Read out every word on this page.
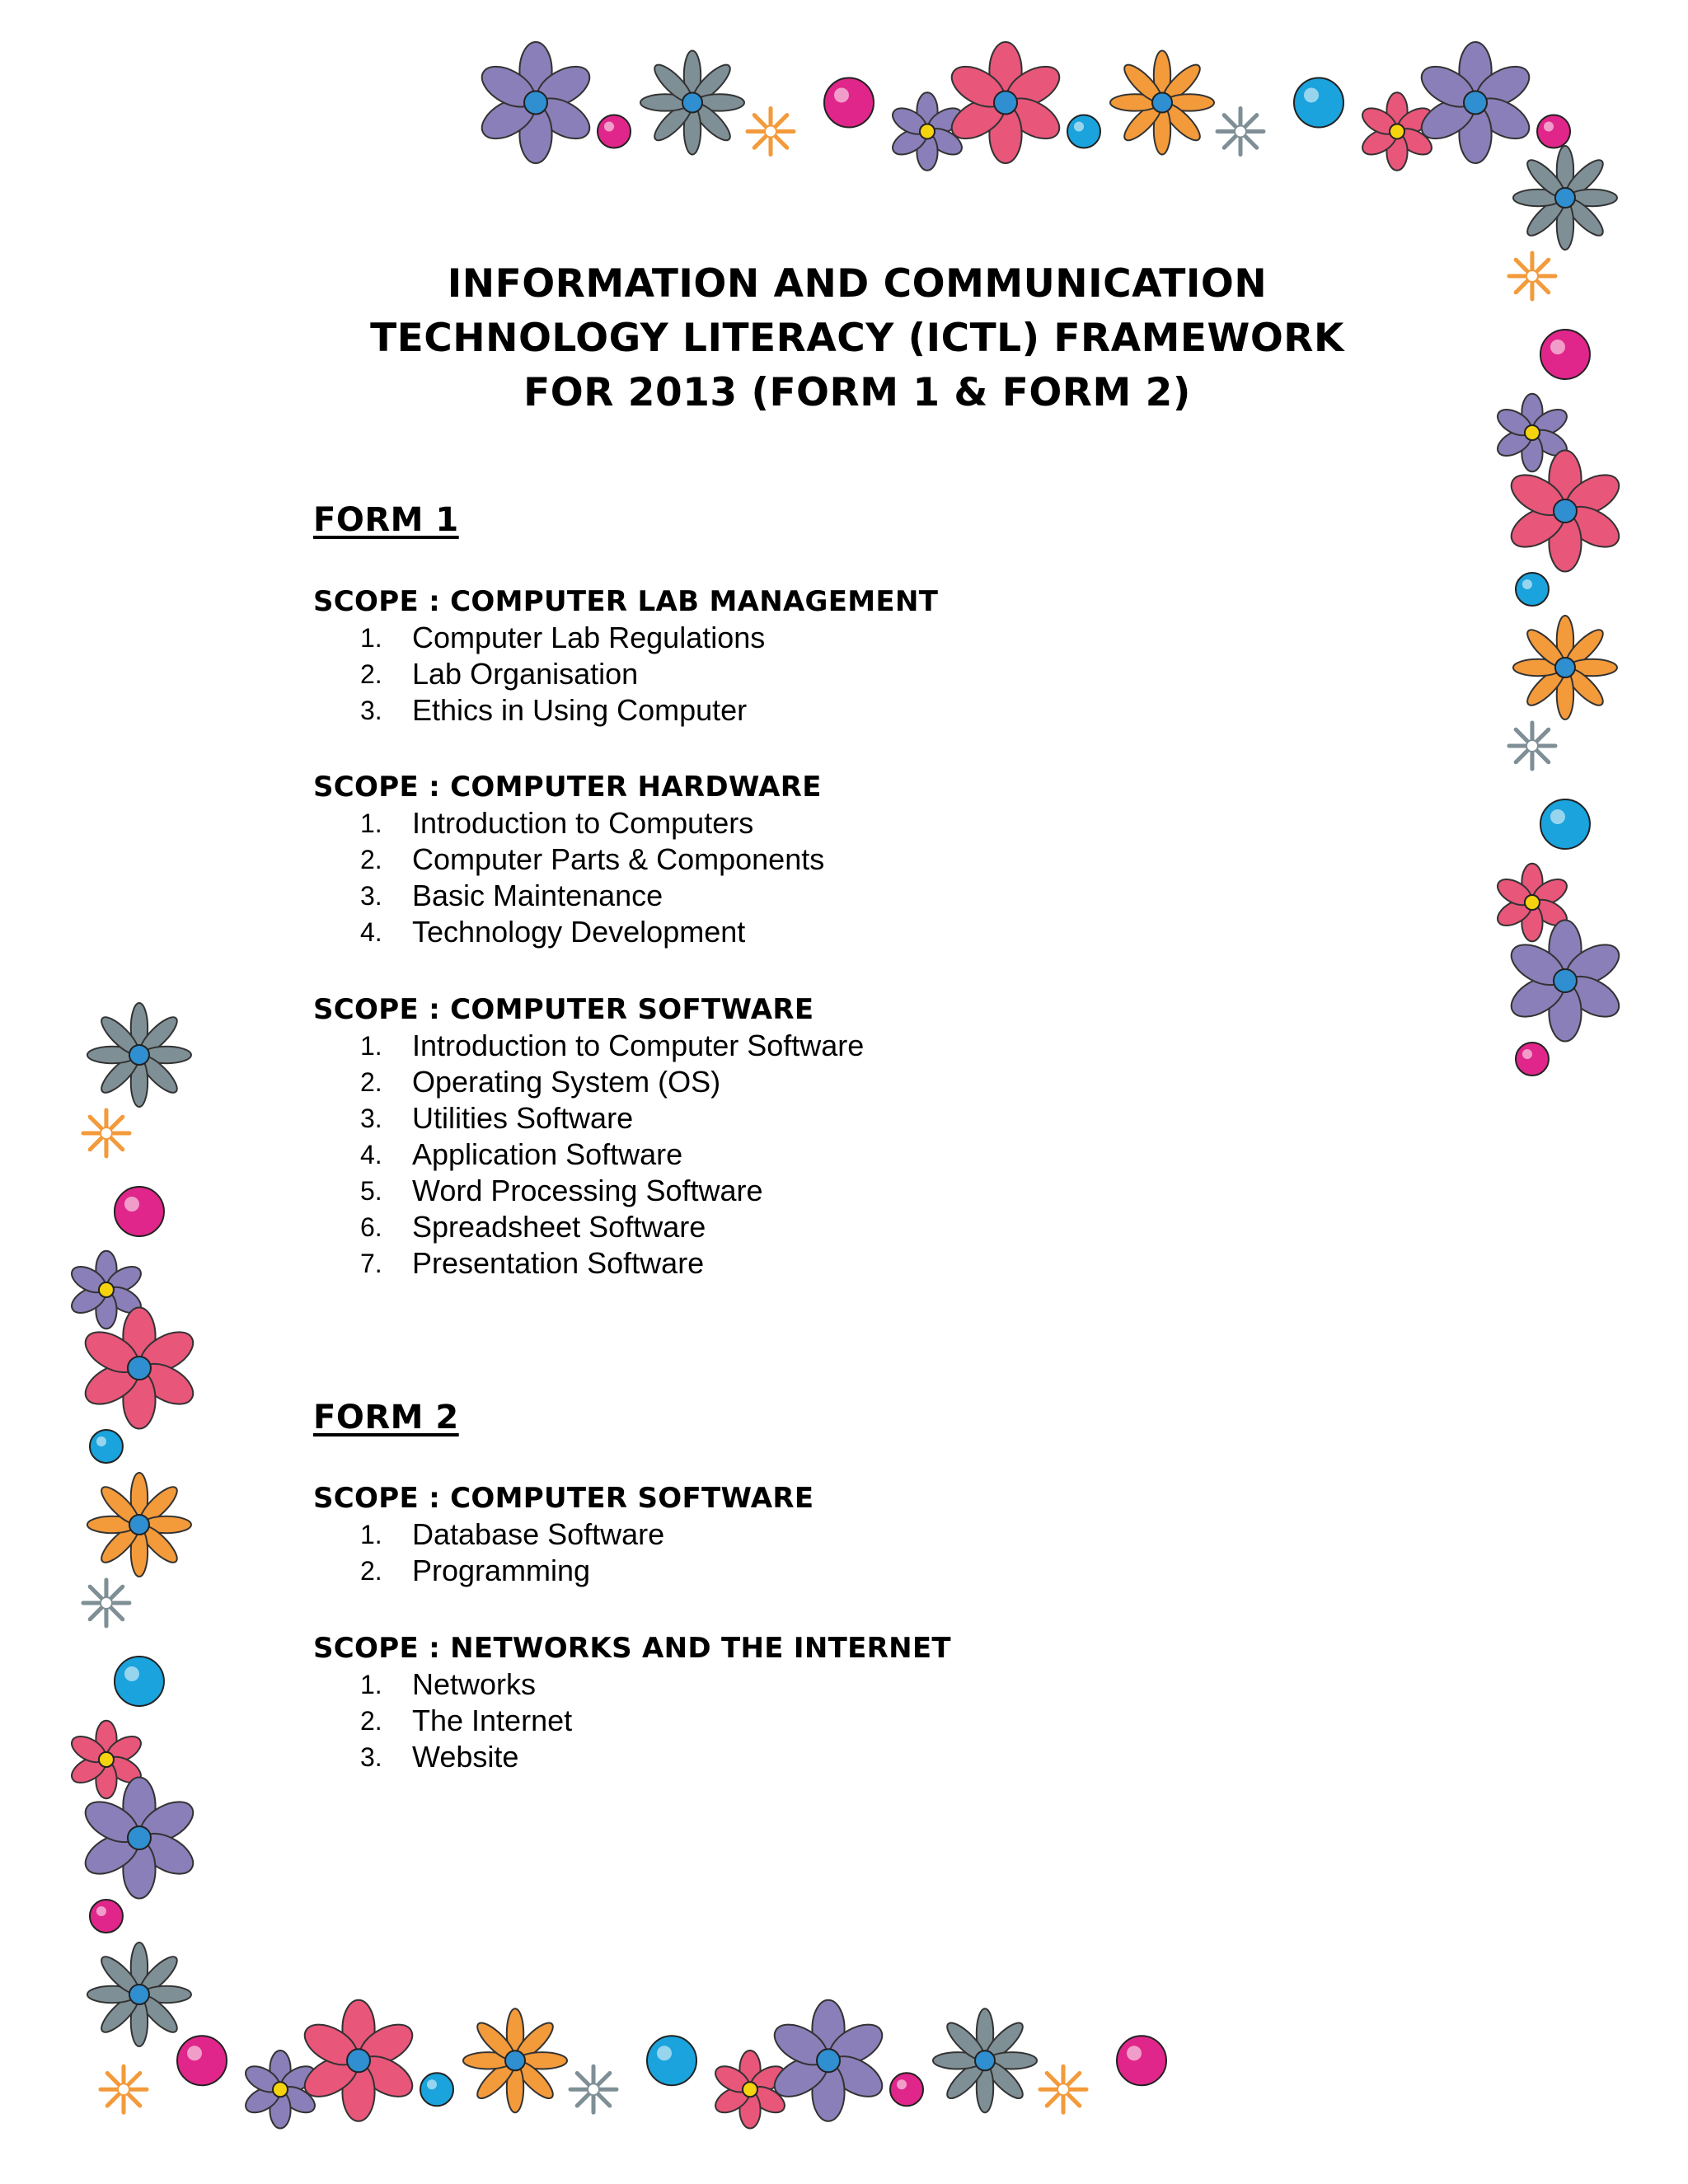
INFORMATION AND COMMUNICATION
TECHNOLOGY LITERACY (ICTL) FRAMEWORK
FOR 2013 (FORM 1 & FORM 2)
FORM 1
SCOPE : COMPUTER LAB MANAGEMENT
1.	Computer Lab Regulations
2.	Lab Organisation
3.	Ethics in Using Computer
SCOPE : COMPUTER HARDWARE
1.	Introduction to Computers
2.	Computer Parts & Components
3.	Basic Maintenance
4.	Technology Development
SCOPE : COMPUTER SOFTWARE
1.	Introduction to Computer Software
2.	Operating System (OS)
3.	Utilities Software
4.	Application Software
5.	Word Processing Software
6.	Spreadsheet Software
7.	Presentation Software
FORM 2
SCOPE : COMPUTER SOFTWARE
1.	Database Software
2.	Programming
SCOPE : NETWORKS AND THE INTERNET
1.	Networks
2.	The Internet
3.	Website
